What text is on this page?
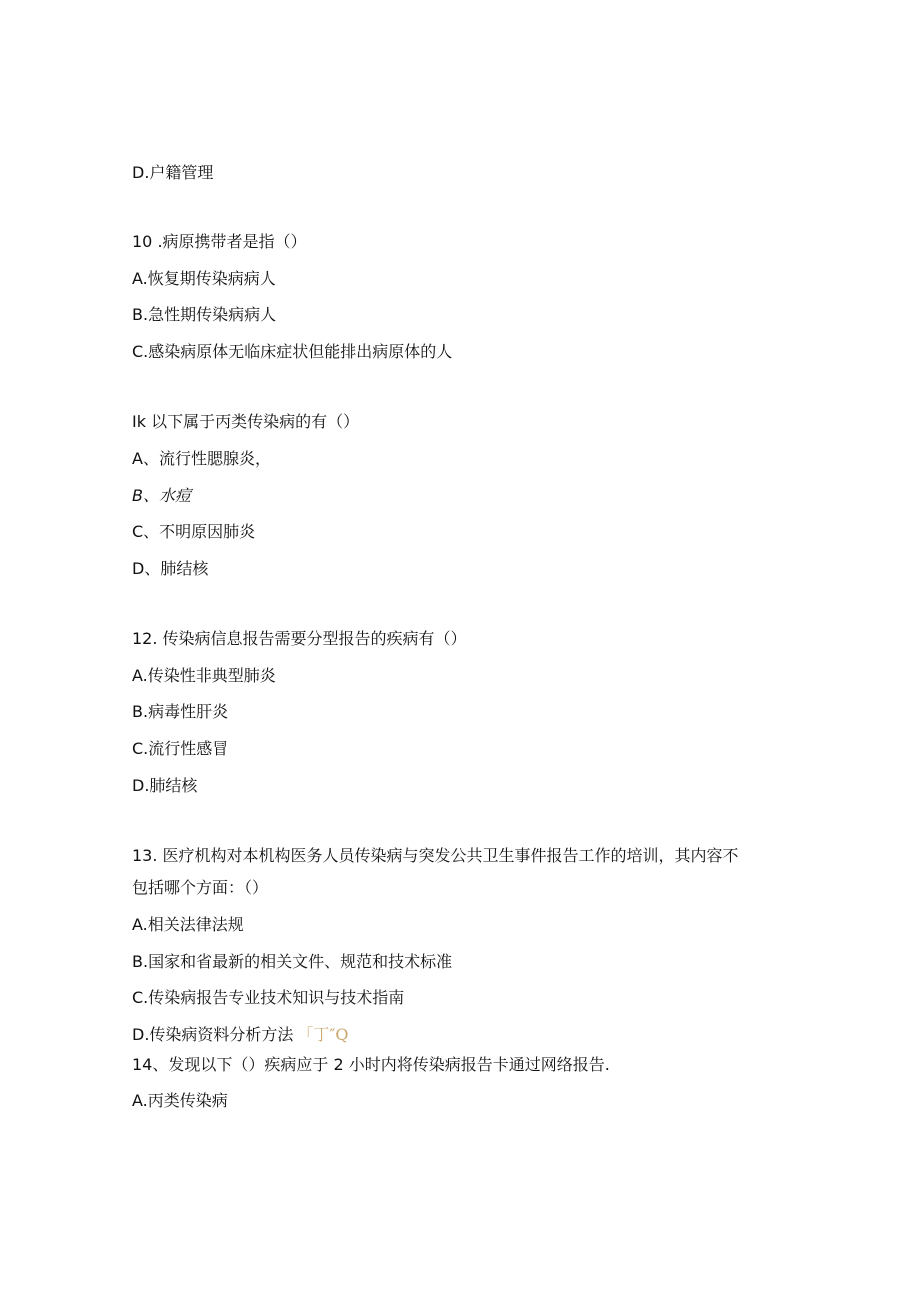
D.户籍管理
10 .病原携带者是指（）
A.恢复期传染病病人
B.急性期传染病病人
C.感染病原体无临床症状但能排出病原体的人
Ik 以下属于丙类传染病的有（）
A、流行性腮腺炎，
B、水痘
C、不明原因肺炎
D、肺结核
12. 传染病信息报告需要分型报告的疾病有（）
A.传染性非典型肺炎
B.病毒性肝炎
C.流行性感冒
D.肺结核
13. 医疗机构对本机构医务人员传染病与突发公共卫生事件报告工作的培训，其内容不
包括哪个方面：（）
A.相关法律法规
B.国家和省最新的相关文件、规范和技术标准
C.传染病报告专业技术知识与技术指南
D.传染病资料分析方法 「丁″Q
14、发现以下（）疾病应于 2 小时内将传染病报告卡通过网络报告.
A.丙类传染病
